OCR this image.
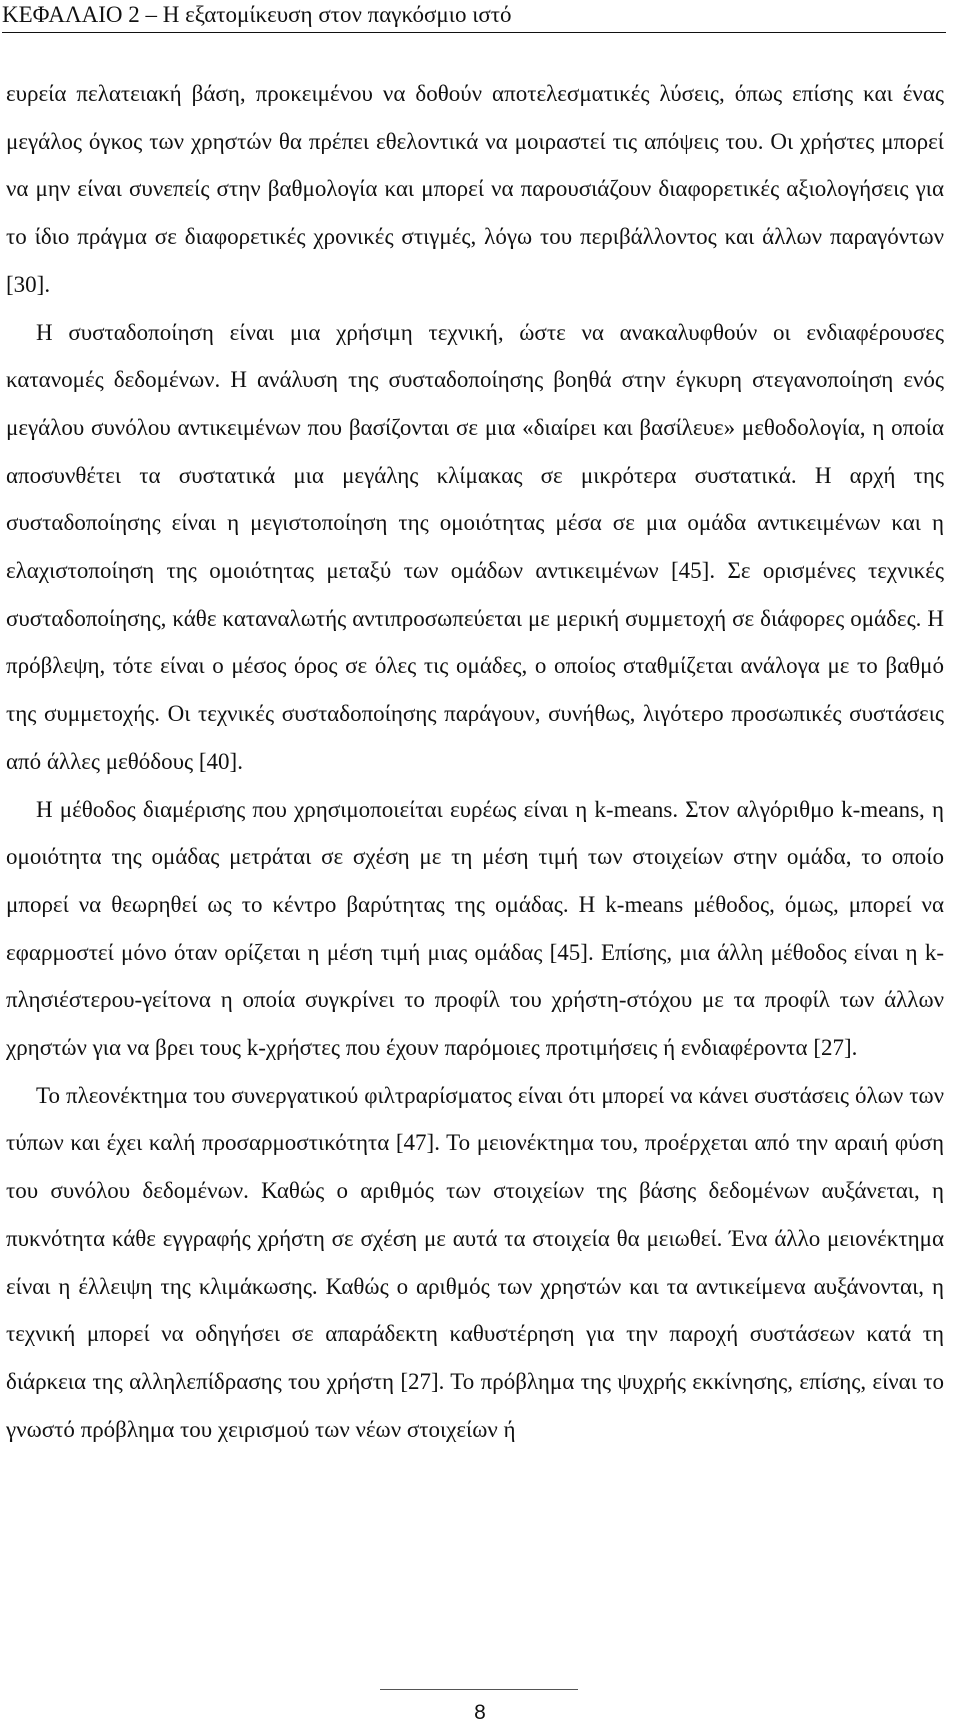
ΚΕΦΑΛΑΙΟ 2 – Η εξατομίκευση στον παγκόσμιο ιστό

ευρεία πελατειακή βάση, προκειμένου να δοθούν αποτελεσματικές λύσεις, όπως επίσης και ένας μεγάλος όγκος των χρηστών θα πρέπει εθελοντικά να μοιραστεί τις απόψεις του. Οι χρήστες μπορεί να μην είναι συνεπείς στην βαθμολογία και μπορεί να παρουσιάζουν διαφορετικές αξιολογήσεις για το ίδιο πράγμα σε διαφορετικές χρονικές στιγμές, λόγω του περιβάλλοντος και άλλων παραγόντων [30].

Η συσταδοποίηση είναι μια χρήσιμη τεχνική, ώστε να ανακαλυφθούν οι ενδιαφέρουσες κατανομές δεδομένων. Η ανάλυση της συσταδοποίησης βοηθά στην έγκυρη στεγανοποίηση ενός μεγάλου συνόλου αντικειμένων που βασίζονται σε μια «διαίρει και βασίλευε» μεθοδολογία, η οποία αποσυνθέτει τα συστατικά μια μεγάλης κλίμακας σε μικρότερα συστατικά. Η αρχή της συσταδοποίησης είναι η μεγιστοποίηση της ομοιότητας μέσα σε μια ομάδα αντικειμένων και η ελαχιστοποίηση της ομοιότητας μεταξύ των ομάδων αντικειμένων [45]. Σε ορισμένες τεχνικές συσταδοποίησης, κάθε καταναλωτής αντιπροσωπεύεται με μερική συμμετοχή σε διάφορες ομάδες. Η πρόβλεψη, τότε είναι ο μέσος όρος σε όλες τις ομάδες, ο οποίος σταθμίζεται ανάλογα με το βαθμό της συμμετοχής. Οι τεχνικές συσταδοποίησης παράγουν, συνήθως, λιγότερο προσωπικές συστάσεις από άλλες μεθόδους [40].

Η μέθοδος διαμέρισης που χρησιμοποιείται ευρέως είναι η k-means. Στον αλγόριθμο k-means, η ομοιότητα της ομάδας μετράται σε σχέση με τη μέση τιμή των στοιχείων στην ομάδα, το οποίο μπορεί να θεωρηθεί ως το κέντρο βαρύτητας της ομάδας. Η k-means μέθοδος, όμως, μπορεί να εφαρμοστεί μόνο όταν ορίζεται η μέση τιμή μιας ομάδας [45]. Επίσης, μια άλλη μέθοδος είναι η k-πλησιέστερου-γείτονα η οποία συγκρίνει το προφίλ του χρήστη-στόχου με τα προφίλ των άλλων χρηστών για να βρει τους k-χρήστες που έχουν παρόμοιες προτιμήσεις ή ενδιαφέροντα [27].

Το πλεονέκτημα του συνεργατικού φιλτραρίσματος είναι ότι μπορεί να κάνει συστάσεις όλων των τύπων και έχει καλή προσαρμοστικότητα [47]. Το μειονέκτημα του, προέρχεται από την αραιή φύση του συνόλου δεδομένων. Καθώς ο αριθμός των στοιχείων της βάσης δεδομένων αυξάνεται, η πυκνότητα κάθε εγγραφής χρήστη σε σχέση με αυτά τα στοιχεία θα μειωθεί. Ένα άλλο μειονέκτημα είναι η έλλειψη της κλιμάκωσης. Καθώς ο αριθμός των χρηστών και τα αντικείμενα αυξάνονται, η τεχνική μπορεί να οδηγήσει σε απαράδεκτη καθυστέρηση για την παροχή συστάσεων κατά τη διάρκεια της αλληλεπίδρασης του χρήστη [27]. Το πρόβλημα της ψυχρής εκκίνησης, επίσης, είναι το γνωστό πρόβλημα του χειρισμού των νέων στοιχείων ή

8
